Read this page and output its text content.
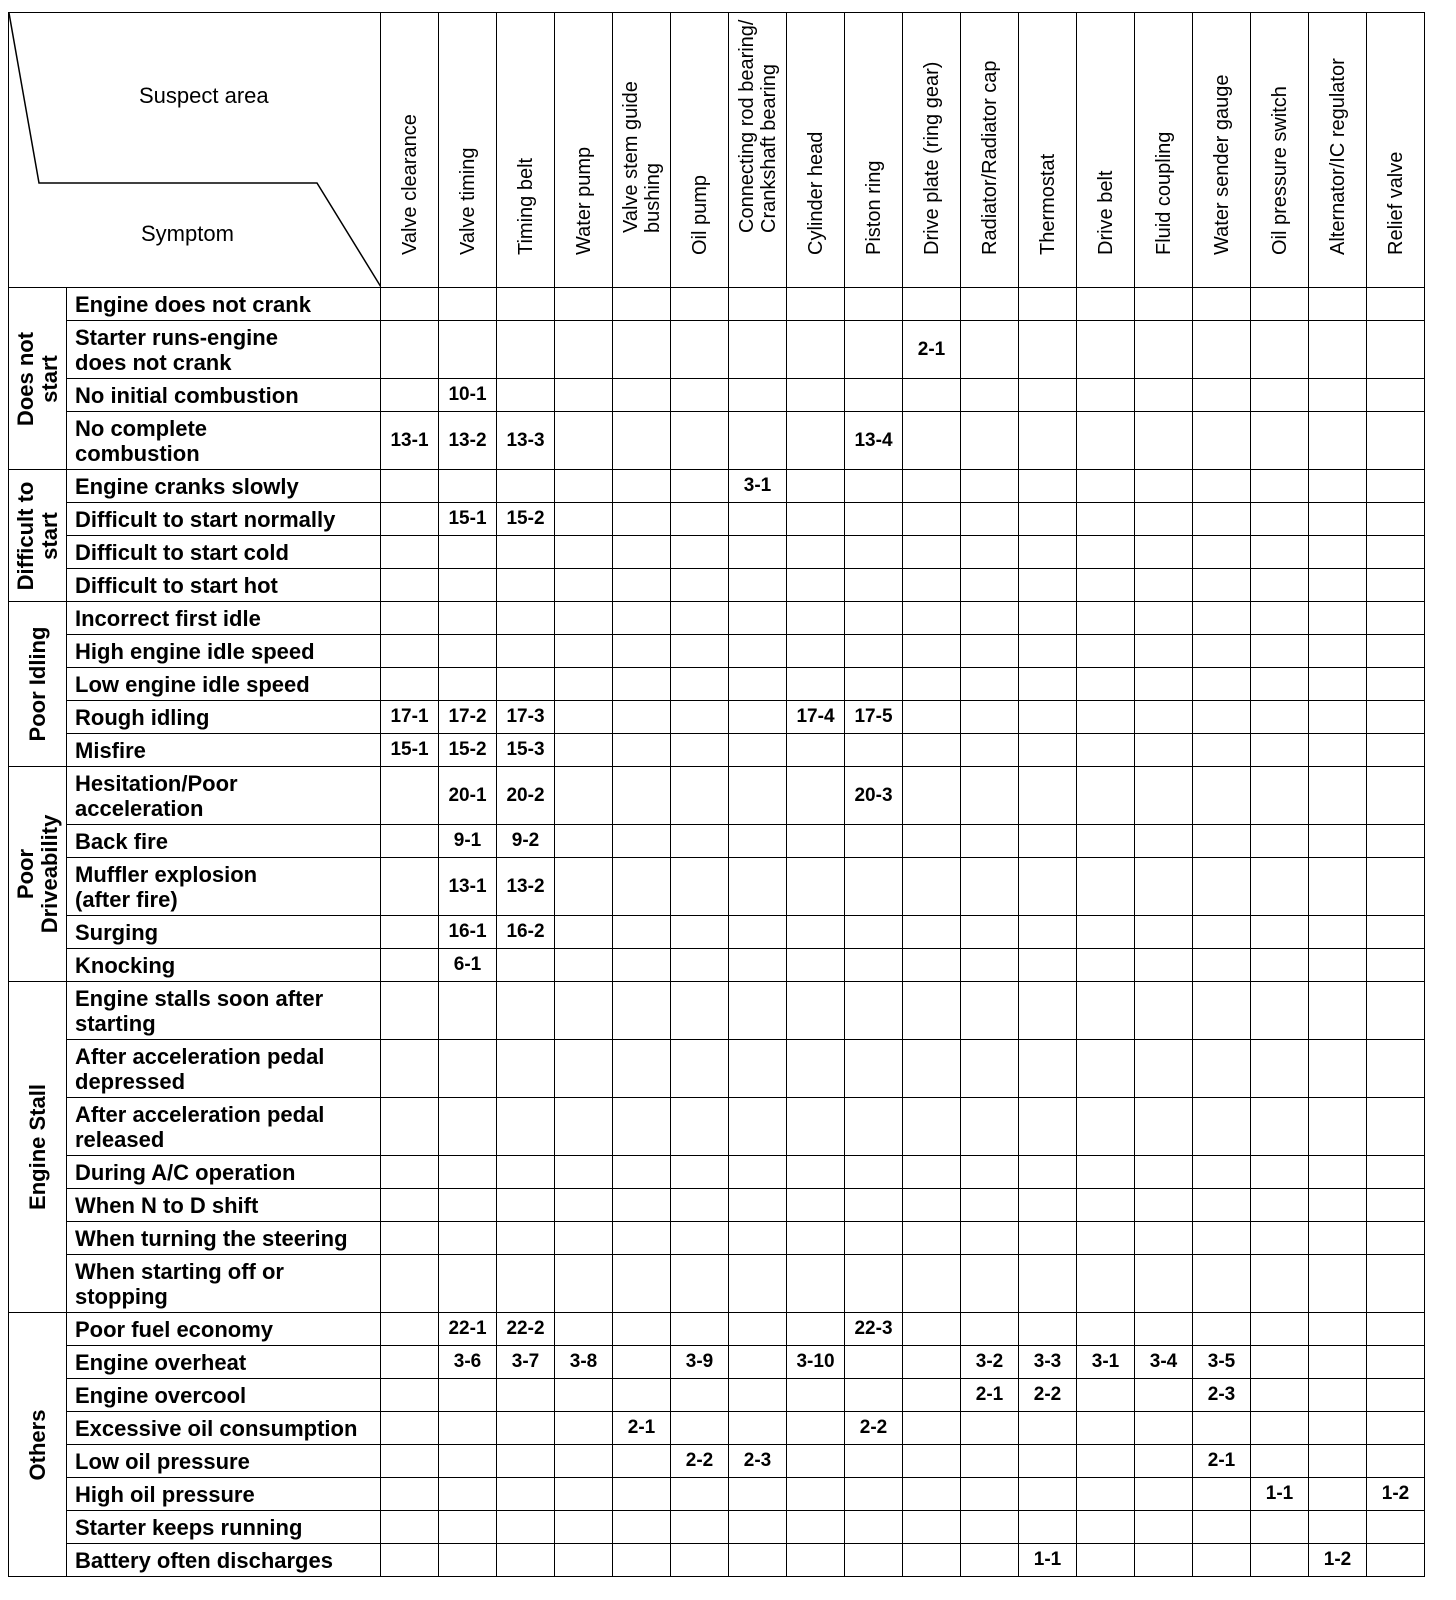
Suspect area
Symptom		Valve clearance	Valve timing	Timing belt	Water pump	Valve stem guide
bushing	Oil pump	Connecting rod bearing/
Crankshaft bearing	Cylinder head	Piston ring	Drive plate (ring gear)	Radiator/Radiator cap	Thermostat	Drive belt	Fluid coupling	Water sender gauge	Oil pressure switch	Alternator/IC regulator	Relief valve

Does not
start	Engine does not crank																		
	Starter runs-engine
does not crank										2-1								
	No initial combustion		10-1																
	No complete
combustion	13-1	13-2	13-3						13-4									

Difficult to
start	Engine cranks slowly							3-1											
	Difficult to start normally		15-1	15-2															
	Difficult to start cold																		
	Difficult to start hot																		

Poor Idling	Incorrect first idle																		
	High engine idle speed																		
	Low engine idle speed																		
	Rough idling	17-1	17-2	17-3					17-4	17-5									
	Misfire	15-1	15-2	15-3															

Poor
Driveability	Hesitation/Poor
acceleration		20-1	20-2						20-3									
	Back fire		9-1	9-2															
	Muffler explosion
(after fire)		13-1	13-2															
	Surging		16-1	16-2															
	Knocking		6-1																

Engine Stall	Engine stalls soon after
starting																		
	After acceleration pedal
depressed																		
	After acceleration pedal
released																		
	During A/C operation																		
	When N to D shift																		
	When turning the steering																		
	When starting off or
stopping																		

Others	Poor fuel economy		22-1	22-2						22-3									
	Engine overheat		3-6	3-7	3-8		3-9		3-10			3-2	3-3	3-1	3-4	3-5			
	Engine overcool											2-1	2-2			2-3			
	Excessive oil consumption					2-1				2-2									
	Low oil pressure						2-2	2-3								2-1			
	High oil pressure																1-1		1-2
	Starter keeps running																		
	Battery often discharges												1-1					1-2	
